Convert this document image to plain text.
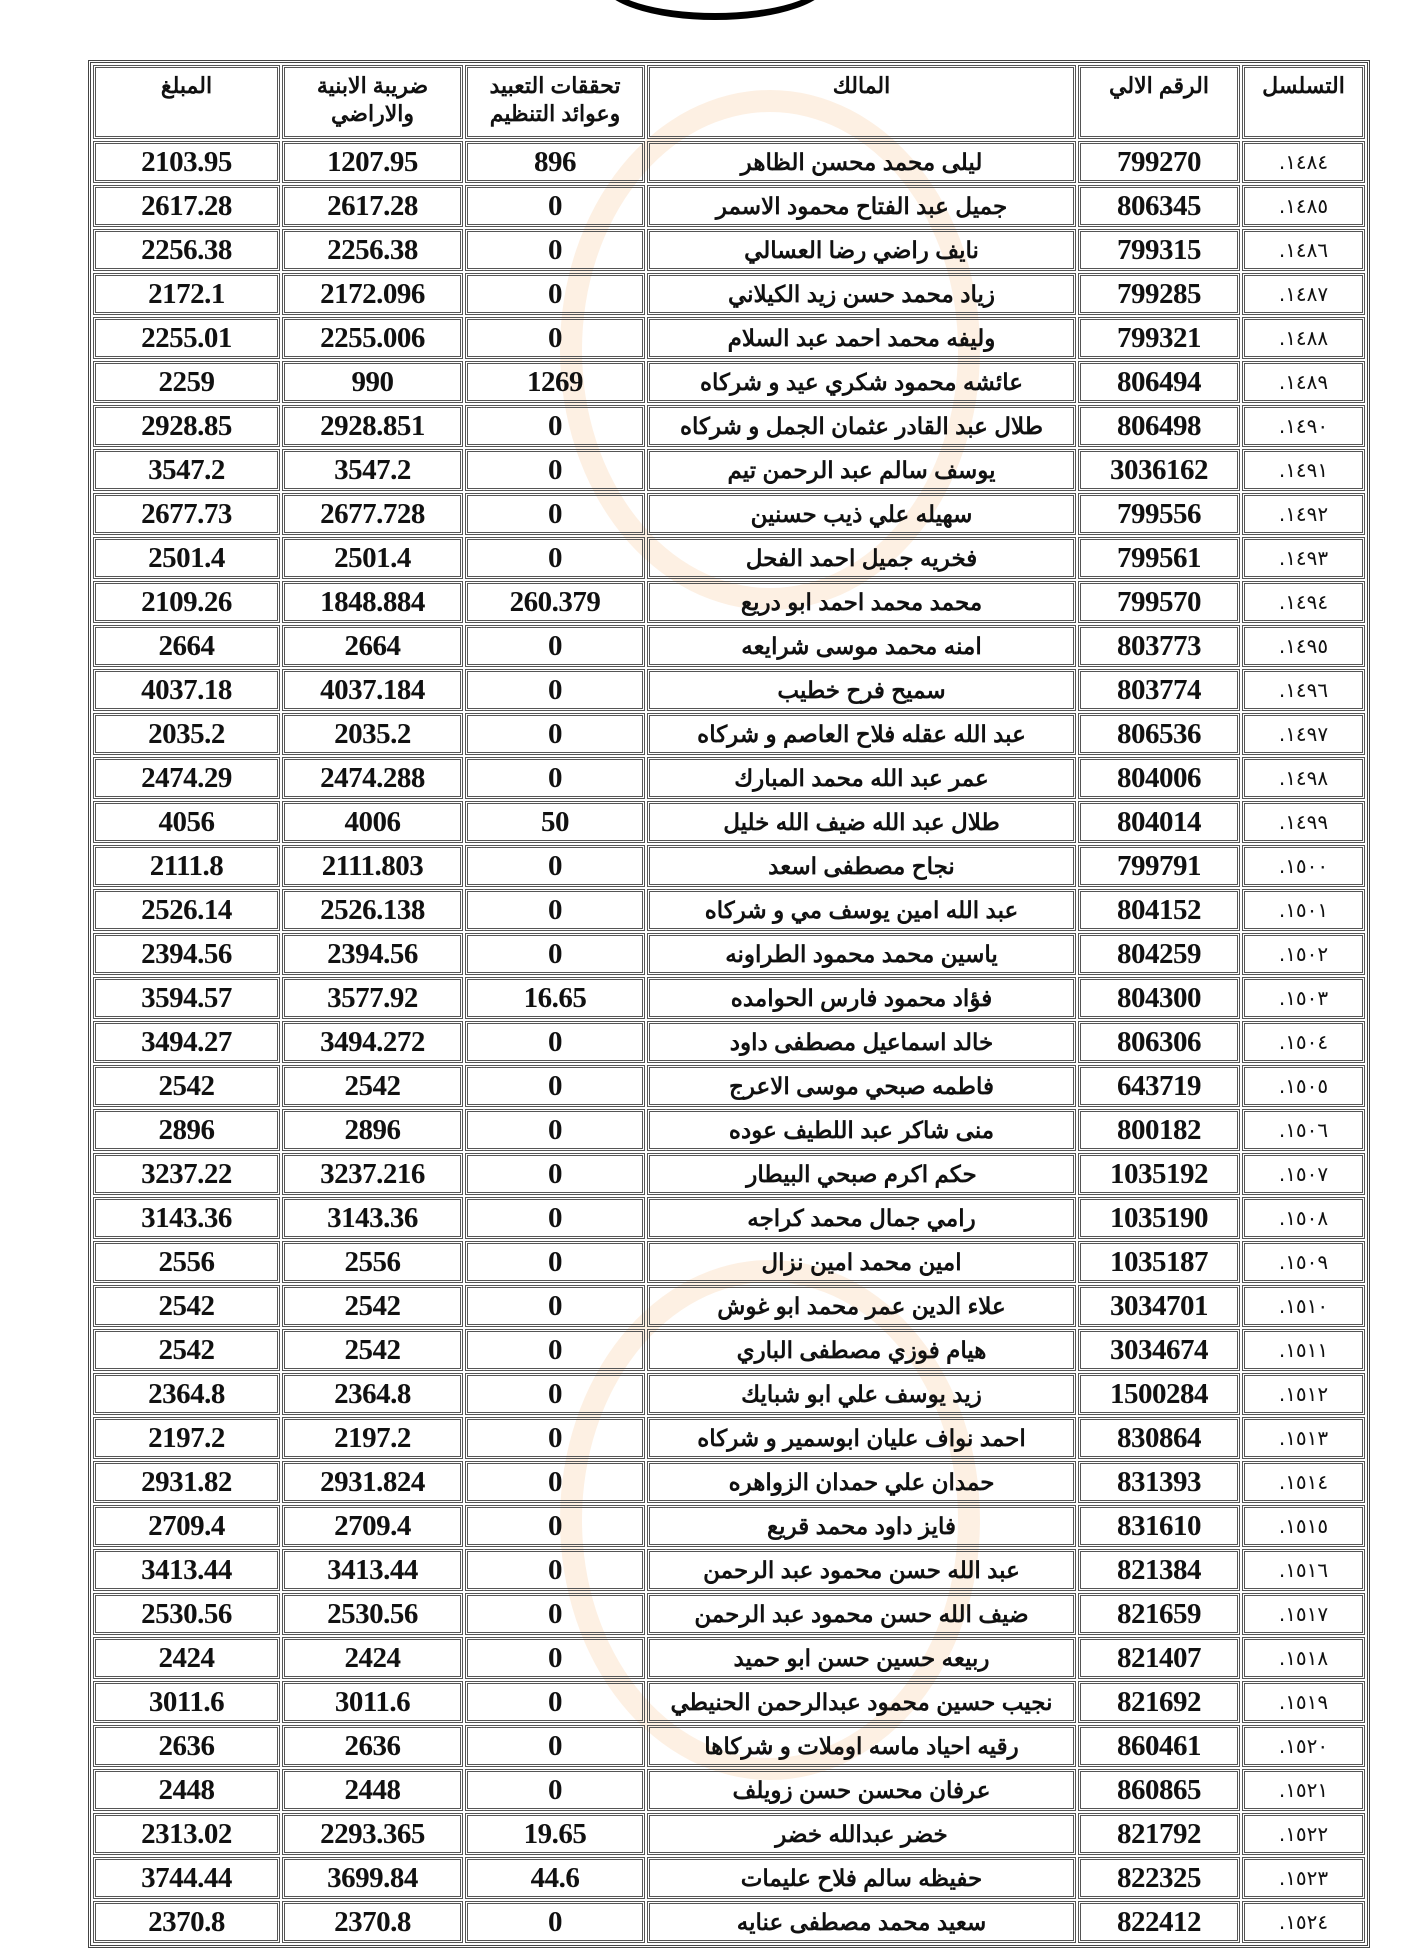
التسلسل	الرقم الالي	المالك	تحققات التعبيد وعوائد التنظيم	ضريبة الابنية والاراضي	المبلغ
١٤٨٤.	799270	ليلى محمد محسن الظاهر	896	1207.95	2103.95
١٤٨٥.	806345	جميل عبد الفتاح محمود الاسمر	0	2617.28	2617.28
١٤٨٦.	799315	نايف راضي رضا العسالي	0	2256.38	2256.38
١٤٨٧.	799285	زياد محمد حسن زيد الكيلاني	0	2172.096	2172.1
١٤٨٨.	799321	وليفه محمد احمد عبد السلام	0	2255.006	2255.01
١٤٨٩.	806494	عائشه محمود شكري عيد و شركاه	1269	990	2259
١٤٩٠.	806498	طلال عبد القادر عثمان الجمل و شركاه	0	2928.851	2928.85
١٤٩١.	3036162	يوسف سالم عبد الرحمن تيم	0	3547.2	3547.2
١٤٩٢.	799556	سهيله علي ذيب حسنين	0	2677.728	2677.73
١٤٩٣.	799561	فخريه جميل احمد الفحل	0	2501.4	2501.4
١٤٩٤.	799570	محمد محمد احمد ابو دريع	260.379	1848.884	2109.26
١٤٩٥.	803773	امنه محمد موسى شرايعه	0	2664	2664
١٤٩٦.	803774	سميح فرح خطيب	0	4037.184	4037.18
١٤٩٧.	806536	عبد الله عقله فلاح العاصم و شركاه	0	2035.2	2035.2
١٤٩٨.	804006	عمر عبد الله محمد المبارك	0	2474.288	2474.29
١٤٩٩.	804014	طلال عبد الله ضيف الله خليل	50	4006	4056
١٥٠٠.	799791	نجاح مصطفى اسعد	0	2111.803	2111.8
١٥٠١.	804152	عبد الله امين يوسف مي و شركاه	0	2526.138	2526.14
١٥٠٢.	804259	ياسين محمد محمود الطراونه	0	2394.56	2394.56
١٥٠٣.	804300	فؤاد محمود فارس الحوامده	16.65	3577.92	3594.57
١٥٠٤.	806306	خالد اسماعيل مصطفى داود	0	3494.272	3494.27
١٥٠٥.	643719	فاطمه صبحي موسى الاعرج	0	2542	2542
١٥٠٦.	800182	منى شاكر عبد اللطيف عوده	0	2896	2896
١٥٠٧.	1035192	حكم اكرم صبحي البيطار	0	3237.216	3237.22
١٥٠٨.	1035190	رامي جمال محمد كراجه	0	3143.36	3143.36
١٥٠٩.	1035187	امين محمد امين نزال	0	2556	2556
١٥١٠.	3034701	علاء الدين عمر محمد ابو غوش	0	2542	2542
١٥١١.	3034674	هيام فوزي مصطفى الباري	0	2542	2542
١٥١٢.	1500284	زيد يوسف علي ابو شبايك	0	2364.8	2364.8
١٥١٣.	830864	احمد نواف عليان ابوسمير و شركاه	0	2197.2	2197.2
١٥١٤.	831393	حمدان علي حمدان الزواهره	0	2931.824	2931.82
١٥١٥.	831610	فايز داود محمد قريع	0	2709.4	2709.4
١٥١٦.	821384	عبد الله حسن محمود عبد الرحمن	0	3413.44	3413.44
١٥١٧.	821659	ضيف الله حسن محمود عبد الرحمن	0	2530.56	2530.56
١٥١٨.	821407	ربيعه حسين حسن ابو حميد	0	2424	2424
١٥١٩.	821692	نجيب حسين محمود عبدالرحمن الحنيطي	0	3011.6	3011.6
١٥٢٠.	860461	رقيه احياد ماسه اوملات و شركاها	0	2636	2636
١٥٢١.	860865	عرفان محسن حسن زويلف	0	2448	2448
١٥٢٢.	821792	خضر عبدالله خضر	19.65	2293.365	2313.02
١٥٢٣.	822325	حفيظه سالم فلاح عليمات	44.6	3699.84	3744.44
١٥٢٤.	822412	سعيد محمد مصطفى عنايه	0	2370.8	2370.8
